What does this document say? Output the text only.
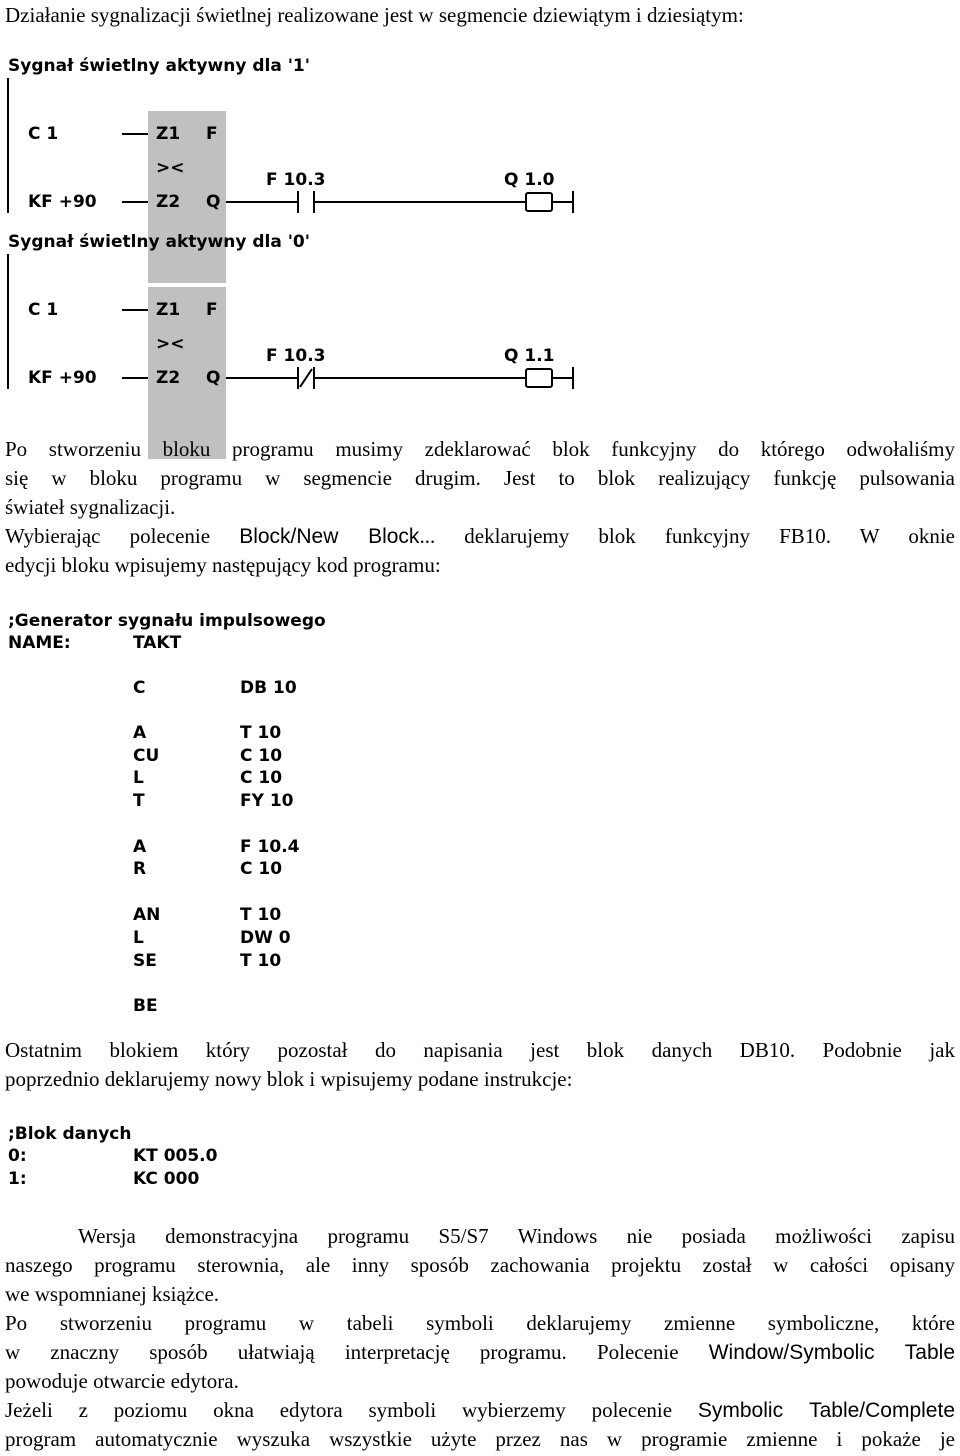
Działanie sygnalizacji świetlnej realizowane jest w segmencie dziewiątym i dziesiątym:
Sygnał świetlny aktywny dla '1'
C 1
KF +90
Z1 F
><
Z2 Q
F 10.3	Q 1.0
Sygnał świetlny aktywny dla '0'
C 1
KF +90
Z1 F
><
Z2 Q
F 10.3	Q 1.1
Po stworzeniu bloku programu musimy zdeklarować blok funkcyjny do którego odwołaliśmy
się w bloku programu w segmencie drugim. Jest to blok realizujący funkcję pulsowania
świateł sygnalizacji.
Wybierając polecenie Block/New Block... deklarujemy blok funkcyjny FB10. W oknie
edycji bloku wpisujemy następujący kod programu:
;Generator sygnału impulsowego
NAME:	TAKT
C	DB 10
A	T 10
CU	C 10
L	C 10
T	FY 10
A	F 10.4
R	C 10
AN	T 10
L	DW 0
SE	T 10
BE
Ostatnim blokiem który pozostał do napisania jest blok danych DB10. Podobnie jak
poprzednio deklarujemy nowy blok i wpisujemy podane instrukcje:
;Blok danych
0:	KT 005.0
1:	KC 000
Wersja demonstracyjna programu S5/S7 Windows nie posiada możliwości zapisu
naszego programu sterownia, ale inny sposób zachowania projektu został w całości opisany
we wspomnianej książce.
Po stworzeniu programu w tabeli symboli deklarujemy zmienne symboliczne, które
w znaczny sposób ułatwiają interpretację programu. Polecenie Window/Symbolic Table
powoduje otwarcie edytora.
Jeżeli z poziomu okna edytora symboli wybierzemy polecenie Symbolic Table/Complete
program automatycznie wyszuka wszystkie użyte przez nas w programie zmienne i pokaże je
